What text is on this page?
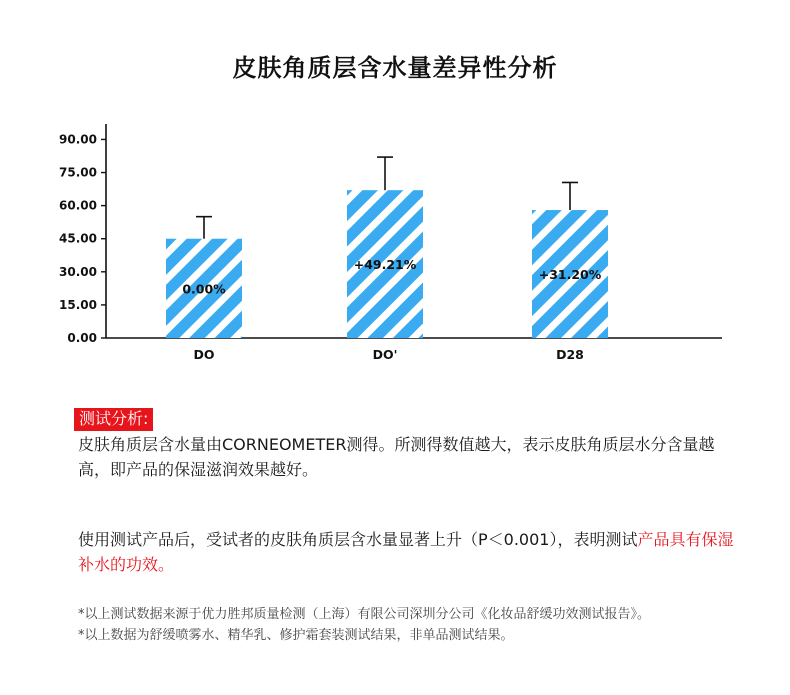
皮肤角质层含水量差异性分析
0.00
15.00
30.00
45.00
60.00
75.00
90.00
0.00%
DO
+49.21%
DO'
+31.20%
D28
测试分析:
皮肤角质层含水量由CORNEOMETER测得。所测得数值越大，表示皮肤角质层水分含量越高，即产品的保湿滋润效果越好。
使用测试产品后，受试者的皮肤角质层含水量显著上升（P＜0.001），表明测试产品具有保湿补水的功效。
*以上测试数据来源于优力胜邦质量检测（上海）有限公司深圳分公司《化妆品舒缓功效测试报告》。
*以上数据为舒缓喷雾水、精华乳、修护霜套装测试结果，非单品测试结果。
